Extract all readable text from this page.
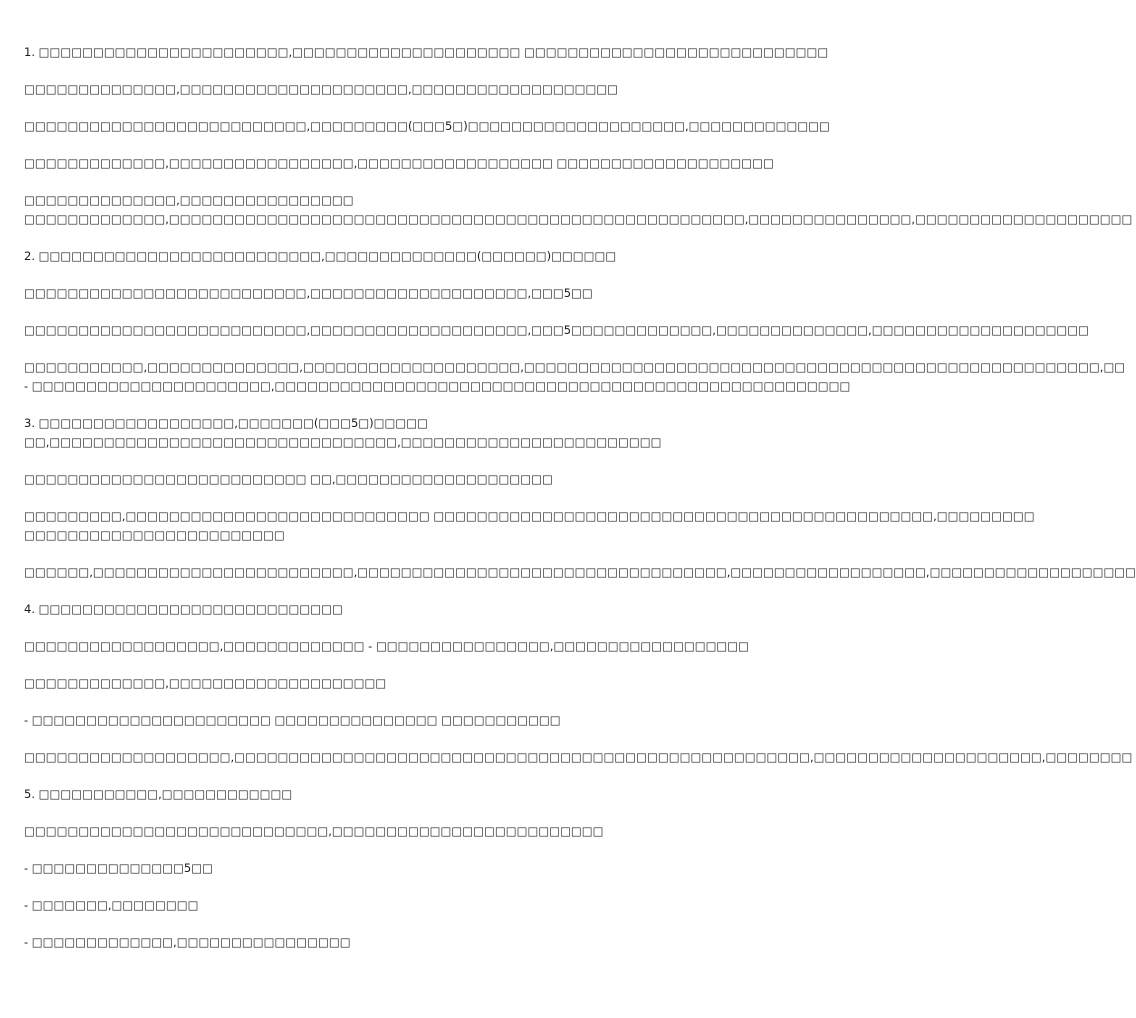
1. □□□□□□□□□□□□□□□□□□□□□□□,□□□□□□□□□□□□□□□□□□□□□ □□□□□□□□□□□□□□□□□□□□□□□□□□□□
□□□□□□□□□□□□□□,□□□□□□□□□□□□□□□□□□□□□,□□□□□□□□□□□□□□□□□□□
□□□□□□□□□□□□□□□□□□□□□□□□□□,□□□□□□□□□(□□□5□)□□□□□□□□□□□□□□□□□□□□,□□□□□□□□□□□□□
□□□□□□□□□□□□□,□□□□□□□□□□□□□□□□□,□□□□□□□□□□□□□□□□□□ □□□□□□□□□□□□□□□□□□□□
□□□□□□□□□□□□□□,□□□□□□□□□□□□□□□□
□□□□□□□□□□□□□,□□□□□□□□□□□□□□□□□□□□□□□□□□□□□□□□□□□□□□□□□□□□□□□□□□□□□,□□□□□□□□□□□□□□□,□□□□□□□□□□□□□□□□□□□□
2. □□□□□□□□□□□□□□□□□□□□□□□□□□,□□□□□□□□□□□□□□(□□□□□□)□□□□□□
□□□□□□□□□□□□□□□□□□□□□□□□□□,□□□□□□□□□□□□□□□□□□□□,□□□5□□
□□□□□□□□□□□□□□□□□□□□□□□□□□,□□□□□□□□□□□□□□□□□□□□,□□□5□□□□□□□□□□□□□,□□□□□□□□□□□□□□,□□□□□□□□□□□□□□□□□□□□
□□□□□□□□□□□,□□□□□□□□□□□□□□,□□□□□□□□□□□□□□□□□□□□,□□□□□□□□□□□□□□□□□□□□□□□□□□□□□□□□□□□□□□□□□□□□□□□□□□□□□,□□
- □□□□□□□□□□□□□□□□□□□□□□,□□□□□□□□□□□□□□□□□□□□□□□□□□□□□□□□□□□□□□□□□□□□□□□□□□□□□
3. □□□□□□□□□□□□□□□□□□,□□□□□□□(□□□5□)□□□□□
□□,□□□□□□□□□□□□□□□□□□□□□□□□□□□□□□□□,□□□□□□□□□□□□□□□□□□□□□□□□
□□□□□□□□□□□□□□□□□□□□□□□□□□ □□,□□□□□□□□□□□□□□□□□□□□
□□□□□□□□□,□□□□□□□□□□□□□□□□□□□□□□□□□□□□ □□□□□□□□□□□□□□□□□□□□□□□□□□□□□□□□□□□□□□□□□□□□□□,□□□□□□□□□
□□□□□□□□□□□□□□□□□□□□□□□□
□□□□□□,□□□□□□□□□□□□□□□□□□□□□□□□,□□□□□□□□□□□□□□□□□□□□□□□□□□□□□□□□□□,□□□□□□□□□□□□□□□□□□,□□□□□□□□□□□□□□□□□□□
4. □□□□□□□□□□□□□□□□□□□□□□□□□□□□
□□□□□□□□□□□□□□□□□□,□□□□□□□□□□□□□ - □□□□□□□□□□□□□□□□,□□□□□□□□□□□□□□□□□□
□□□□□□□□□□□□□,□□□□□□□□□□□□□□□□□□□□
- □□□□□□□□□□□□□□□□□□□□□□ □□□□□□□□□□□□□□□ □□□□□□□□□□□
□□□□□□□□□□□□□□□□□□□,□□□□□□□□□□□□□□□□□□□□□□□□□□□□□□□□□□□□□□□□□□□□□□□□□□□□□,□□□□□□□□□□□□□□□□□□□□□,□□□□□□□□
5. □□□□□□□□□□□,□□□□□□□□□□□□
□□□□□□□□□□□□□□□□□□□□□□□□□□□□,□□□□□□□□□□□□□□□□□□□□□□□□□
- □□□□□□□□□□□□□□5□□
- □□□□□□□,□□□□□□□□
- □□□□□□□□□□□□□,□□□□□□□□□□□□□□□□
